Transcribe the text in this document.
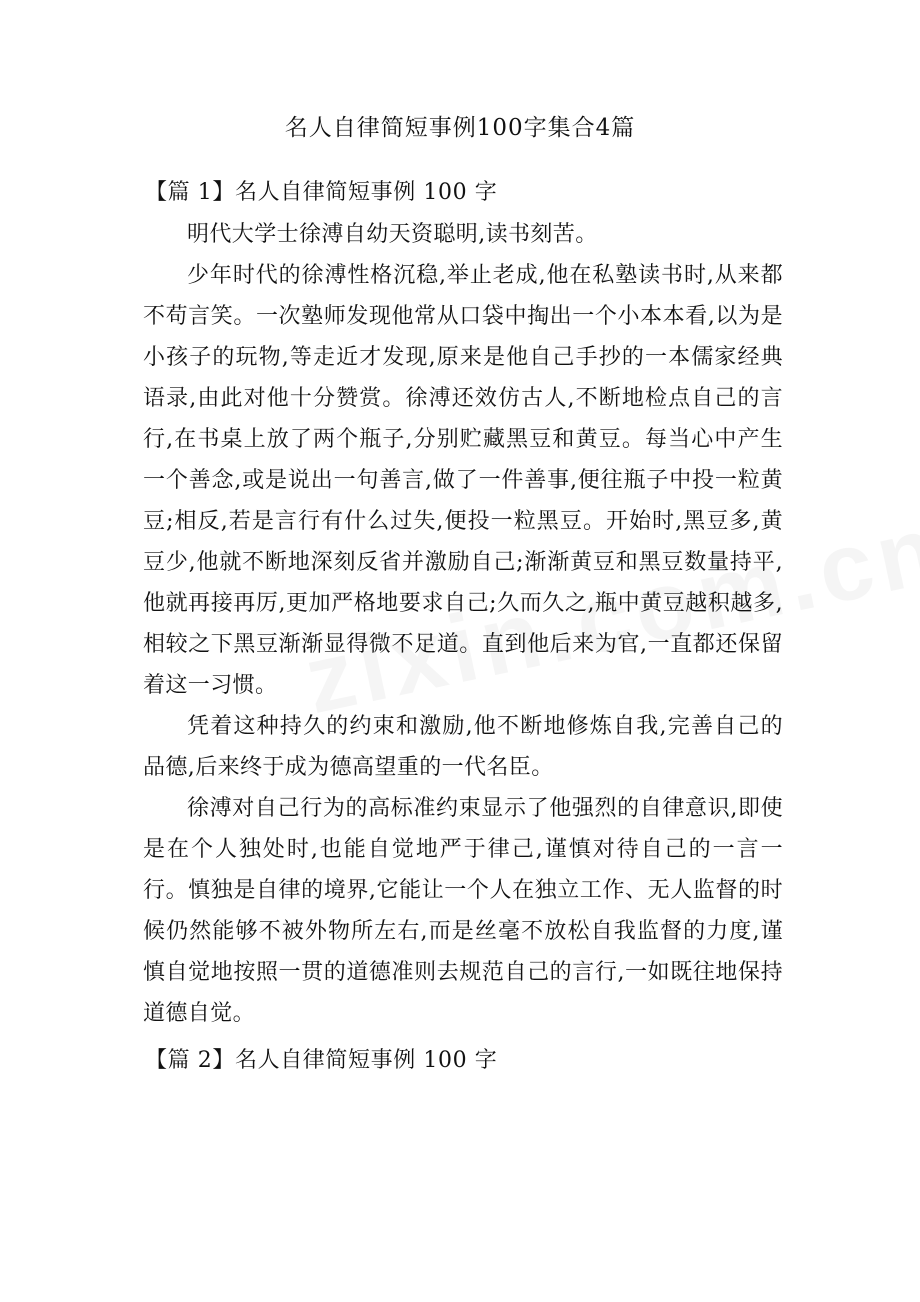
名人自律简短事例100字集合4篇
【篇 1】名人自律简短事例 100 字

明代大学士徐溥自幼天资聪明,读书刻苦。

少年时代的徐溥性格沉稳,举止老成,他在私塾读书时,从来都不苟言笑。一次塾师发现他常从口袋中掏出一个小本本看,以为是小孩子的玩物,等走近才发现,原来是他自己手抄的一本儒家经典语录,由此对他十分赞赏。徐溥还效仿古人,不断地检点自己的言行,在书桌上放了两个瓶子,分别贮藏黑豆和黄豆。每当心中产生一个善念,或是说出一句善言,做了一件善事,便往瓶子中投一粒黄豆;相反,若是言行有什么过失,便投一粒黑豆。开始时,黑豆多,黄豆少,他就不断地深刻反省并激励自己;渐渐黄豆和黑豆数量持平,他就再接再厉,更加严格地要求自己;久而久之,瓶中黄豆越积越多,相较之下黑豆渐渐显得微不足道。直到他后来为官,一直都还保留着这一习惯。

凭着这种持久的约束和激励,他不断地修炼自我,完善自己的品德,后来终于成为德高望重的一代名臣。

徐溥对自己行为的高标准约束显示了他强烈的自律意识,即使是在个人独处时,也能自觉地严于律己,谨慎对待自己的一言一行。慎独是自律的境界,它能让一个人在独立工作、无人监督的时候仍然能够不被外物所左右,而是丝毫不放松自我监督的力度,谨慎自觉地按照一贯的道德准则去规范自己的言行,一如既往地保持道德自觉。

【篇 2】名人自律简短事例 100 字
